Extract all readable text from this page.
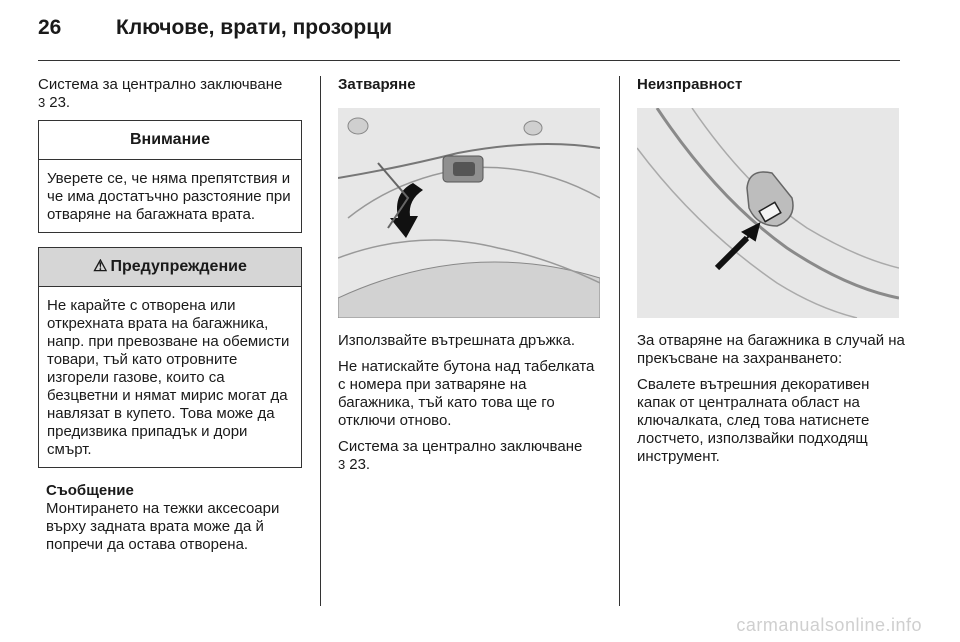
26	Ключове, врати, прозорци

Система за централно заключване
3 23.

Внимание
Уверете се, че няма препятствия и че има достатъчно разстояние при отваряне на багажната врата.
⚠ Предупреждение
Не карайте с отворена или открехната врата на багажника, напр. при превозване на обемисти товари, тъй като отровните изгорели газове, които са безцветни и нямат мирис могат да навлязат в купето. Това може да предизвика припадък и дори смърт.
Съобщение
Монтирането на тежки аксесоари върху задната врата може да й попречи да остава отворена.
Затваряне

Използвайте вътрешната дръжка.

Не натискайте бутона над табелката с номера при затваряне на багажника, тъй като това ще го отключи отново.

Система за централно заключване
3 23.

Неизправност

За отваряне на багажника в случай на прекъсване на захранването:

Свалете вътрешния декоративен капак от централната област на ключалката, след това натиснете лостчето, използвайки подходящ инструмент.

carmanualsonline.info
